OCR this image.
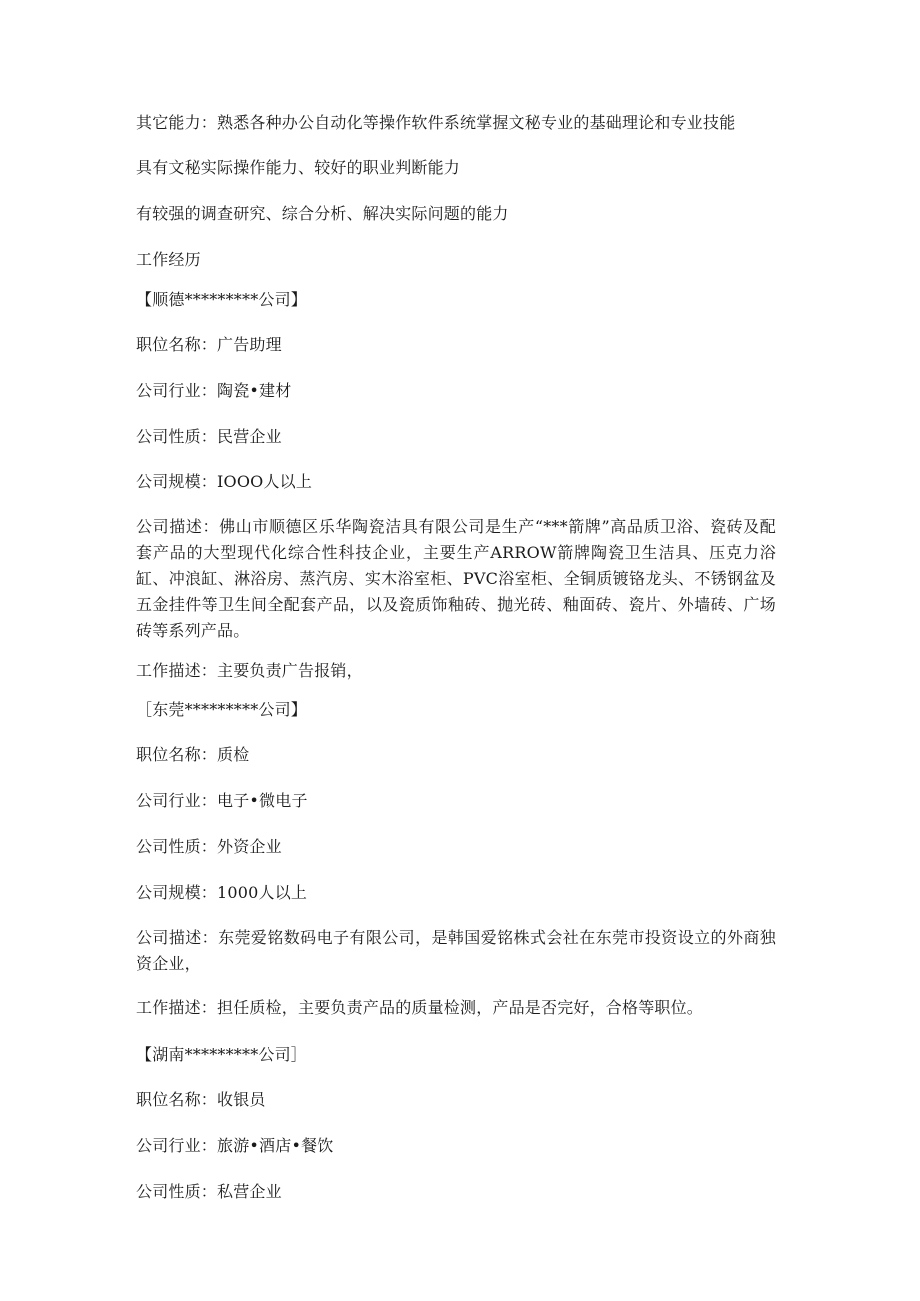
其它能力：熟悉各种办公自动化等操作软件系统掌握文秘专业的基础理论和专业技能
具有文秘实际操作能力、较好的职业判断能力
有较强的调查研究、综合分析、解决实际问题的能力
工作经历
【顺德*********公司】
职位名称：广告助理
公司行业：陶瓷•建材
公司性质：民营企业
公司规模：IOOO人以上
公司描述：佛山市顺德区乐华陶瓷洁具有限公司是生产“***箭牌”高品质卫浴、瓷砖及配套产品的大型现代化综合性科技企业，主要生产ARROW箭牌陶瓷卫生洁具、压克力浴缸、冲浪缸、淋浴房、蒸汽房、实木浴室柜、PVC浴室柜、全铜质镀铬龙头、不锈钢盆及五金挂件等卫生间全配套产品，以及瓷质饰釉砖、抛光砖、釉面砖、瓷片、外墙砖、广场砖等系列产品。
工作描述：主要负责广告报销，
［东莞*********公司】
职位名称：质检
公司行业：电子•微电子
公司性质：外资企业
公司规模：1000人以上
公司描述：东莞爱铭数码电子有限公司，是韩国爱铭株式会社在东莞市投资设立的外商独资企业，
工作描述：担任质检，主要负责产品的质量检测，产品是否完好，合格等职位。
【湖南*********公司］
职位名称：收银员
公司行业：旅游•酒店•餐饮
公司性质：私营企业
